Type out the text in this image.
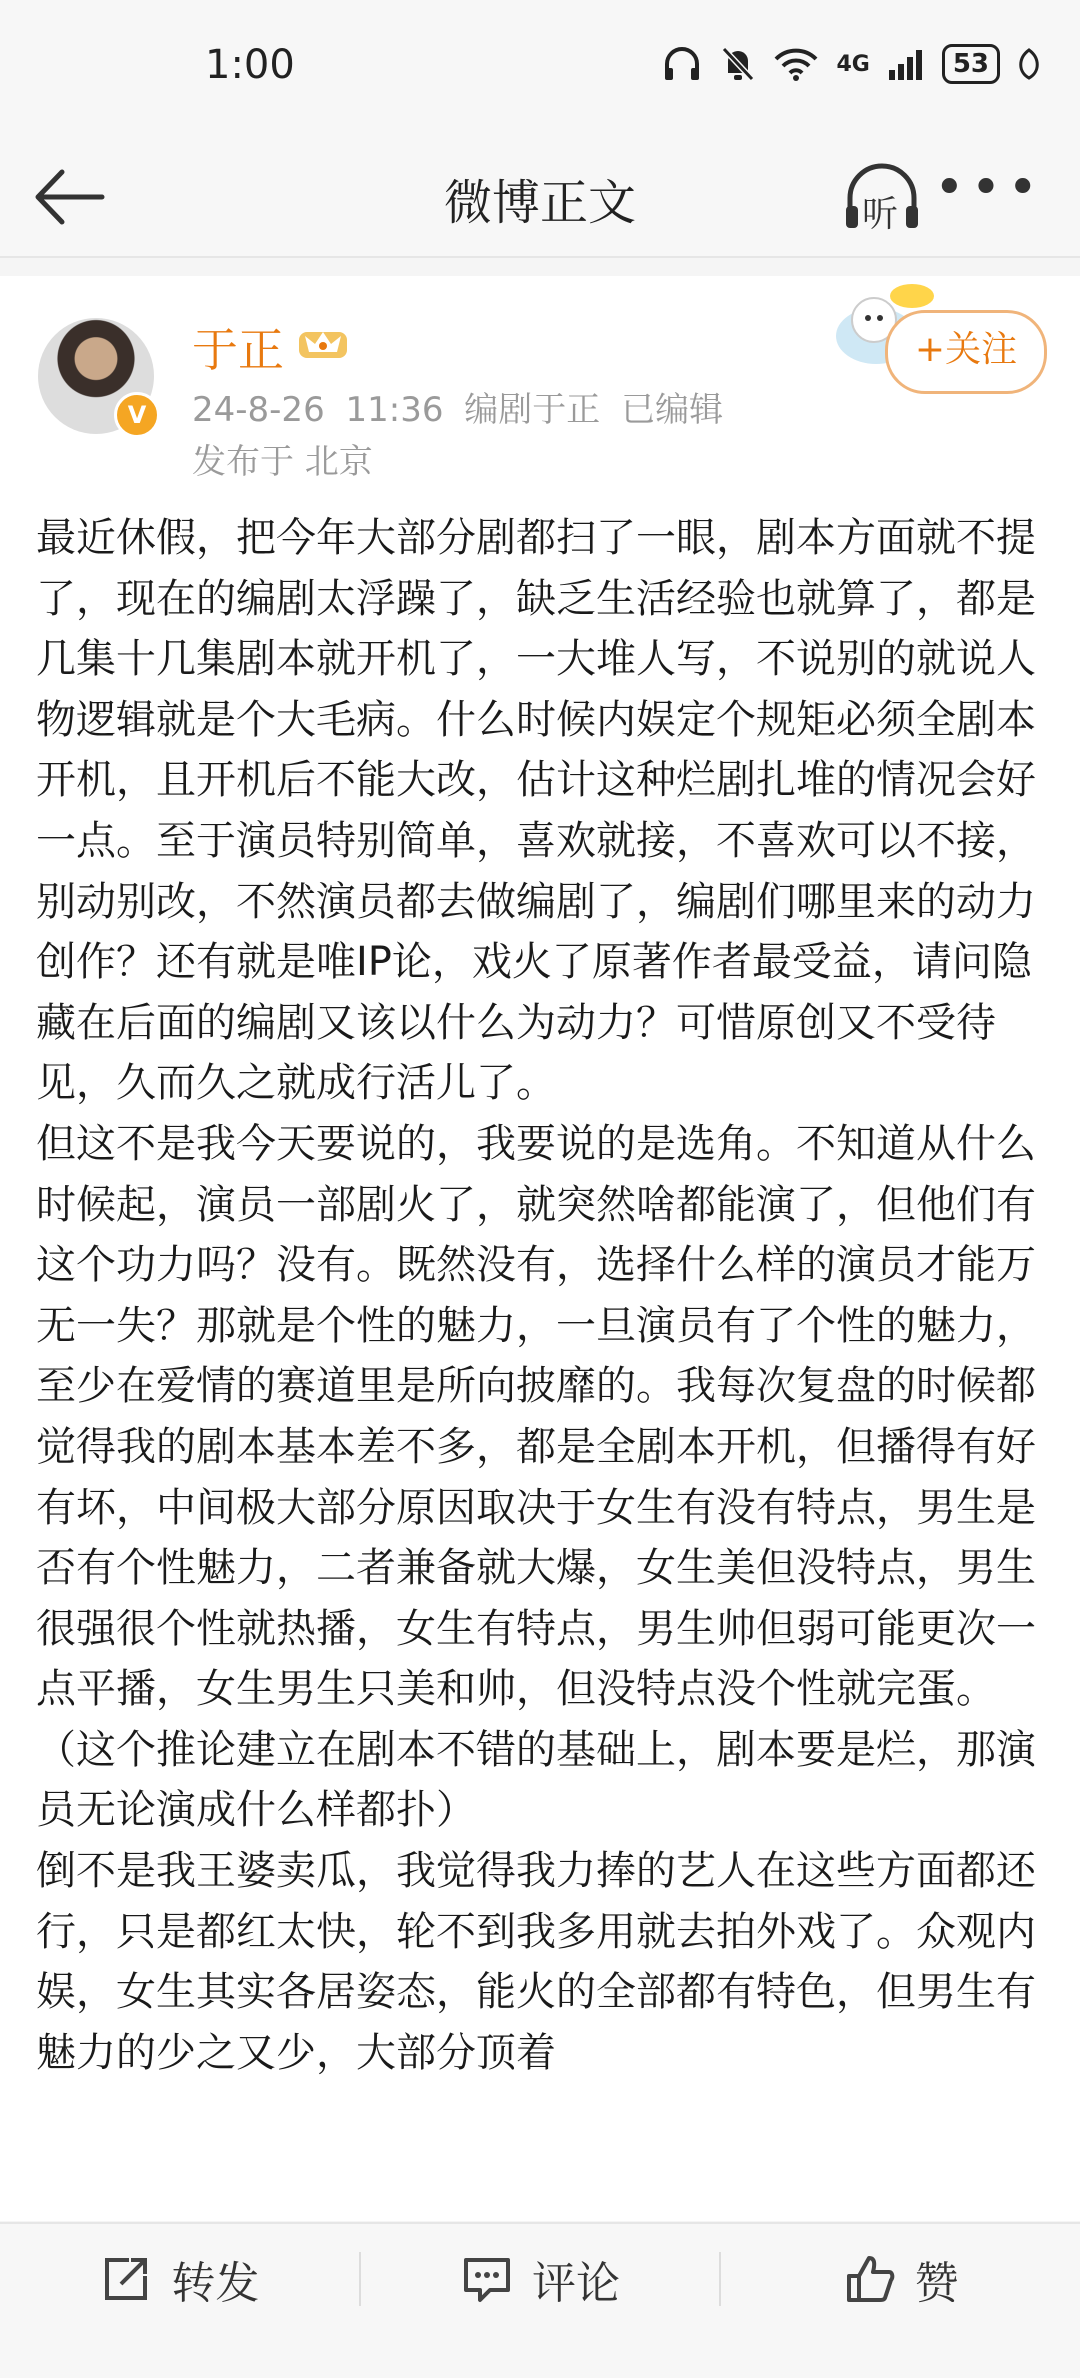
1:00	4G	53
微博正文	听 •••
V
于正
24-8-26 11:36 编剧于正 已编辑
发布于 北京
+关注

最近休假，把今年大部分剧都扫了一眼，剧本方面就不提了，现在的编剧太浮躁了，缺乏生活经验也就算了，都是几集十几集剧本就开机了，一大堆人写，不说别的就说人物逻辑就是个大毛病。什么时候内娱定个规矩必须全剧本开机，且开机后不能大改，估计这种烂剧扎堆的情况会好一点。至于演员特别简单，喜欢就接，不喜欢可以不接，别动别改，不然演员都去做编剧了，编剧们哪里来的动力创作？还有就是唯IP论，戏火了原著作者最受益，请问隐藏在后面的编剧又该以什么为动力？可惜原创又不受待见，久而久之就成行活儿了。

但这不是我今天要说的，我要说的是选角。不知道从什么时候起，演员一部剧火了，就突然啥都能演了，但他们有这个功力吗？没有。既然没有，选择什么样的演员才能万无一失？那就是个性的魅力，一旦演员有了个性的魅力，至少在爱情的赛道里是所向披靡的。我每次复盘的时候都觉得我的剧本基本差不多，都是全剧本开机，但播得有好有坏，中间极大部分原因取决于女生有没有特点，男生是否有个性魅力，二者兼备就大爆，女生美但没特点，男生很强很个性就热播，女生有特点，男生帅但弱可能更次一点平播，女生男生只美和帅，但没特点没个性就完蛋。（这个推论建立在剧本不错的基础上，剧本要是烂，那演员无论演成什么样都扑）

倒不是我王婆卖瓜，我觉得我力捧的艺人在这些方面都还行，只是都红太快，轮不到我多用就去拍外戏了。众观内娱，女生其实各居姿态，能火的全部都有特色，但男生有魅力的少之又少，大部分顶着

转发	评论	赞
